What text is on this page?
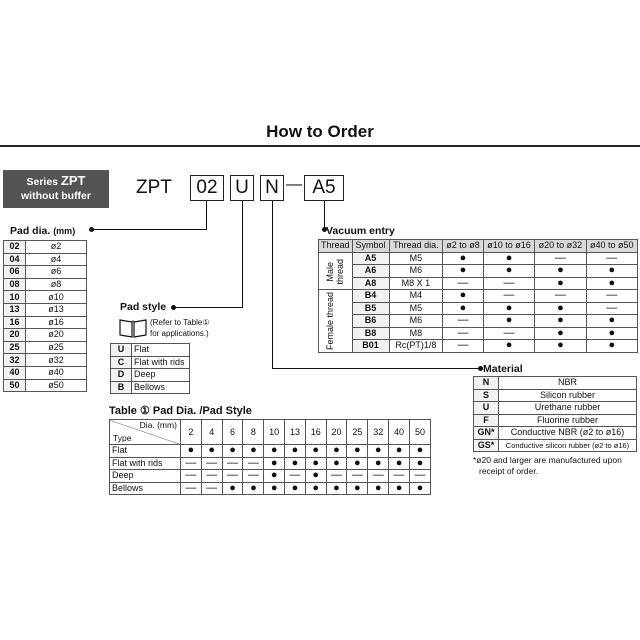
How to Order
Series ZPT
without buffer	ZPT	02 U N — A5
Pad dia. (mm)
02	ø2
04	ø4
06	ø6
08	ø8
10	ø10
13	ø13
16	ø16
20	ø20
25	ø25
32	ø32
40	ø40
50	ø50
Pad style
(Refer to Table①
for applications.)
U	Flat
C	Flat with rids
D	Deep
B	Bellows
Vacuum entry
Thread	Symbol	Thread dia.	ø2 to ø8	ø10 to ø16	ø20 to ø32	ø40 to ø50

Male thread	A5	M5	●	●	—	—
	A6	M6	●	●	●	●
	A8	M8 X 1	—	—	●	●

Female thread	B4	M4	●	—	—	—
	B5	M5	●	●	●	—
	B6	M6	—	●	●	●
	B8	M8	—	—	●	●
	B01	Rc(PT)1/8	—	●	●	●
Material
N	NBR
S	Silicon rubber
U	Urethane rubber
F	Fluorine rubber
GN*	Conductive NBR (ø2 to ø16)
GS*	Conductive silicon rubber (ø2 to ø16)
*ø20 and larger are manufactured upon
receipt of order.
Table ① Pad Dia. /Pad Style
Dia. (mm)
Type	2	4	6	8	10	13	16	20	25	32	40	50
Flat	●	●	●	●	●	●	●	●	●	●	●	●
Flat with rids	—	—	—	—	●	●	●	●	●	●	●	●
Deep	—	—	—	—	●	—	●	—	—	—	—	—
Bellows	—	—	●	●	●	●	●	●	●	●	●	●
